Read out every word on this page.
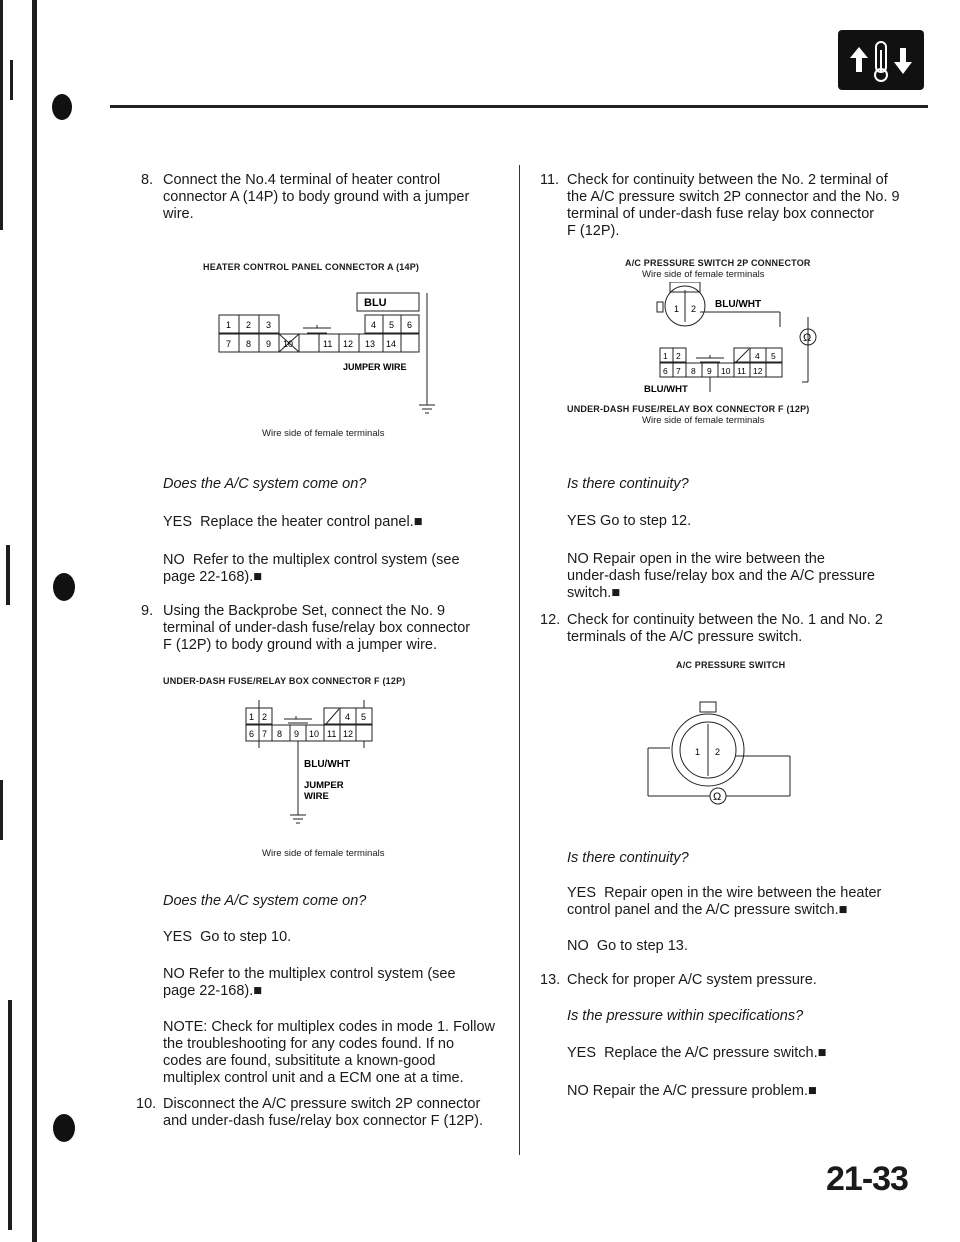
8. Connect the No.4 terminal of heater control
connector A (14P) to body ground with a jumper
wire.
HEATER CONTROL PANEL CONNECTOR A (14P)
BLU
1 2 3	4 5 6
7 8 9 10	11 12 13 14
JUMPER WIRE
Wire side of female terminals
Does the A/C system come on?
YES Replace the heater control panel.■
NO Refer to the multiplex control system (see
page 22-168).■
9. Using the Backprobe Set, connect the No. 9
terminal of under-dash fuse/relay box connector
F (12P) to body ground with a jumper wire.
UNDER-DASH FUSE/RELAY BOX CONNECTOR F (12P)
1 2	4 5
6 7 8 9 10 11 12
BLU/WHT
JUMPER WIRE
Wire side of female terminals
Does the A/C system come on?
YES Go to step 10.
NO Refer to the multiplex control system (see
page 22-168).■
NOTE: Check for multiplex codes in mode 1. Follow
the troubleshooting for any codes found. If no
codes are found, subsititute a known-good
multiplex control unit and a ECM one at a time.
10. Disconnect the A/C pressure switch 2P connector
and under-dash fuse/relay box connector F (12P).
11. Check for continuity between the No. 2 terminal of
the A/C pressure switch 2P connector and the No. 9
terminal of under-dash fuse relay box connector
F (12P).
A/C PRESSURE SWITCH 2P CONNECTOR
Wire side of female terminals
1 2 BLU/WHT
Ω
1 2	4 5
6 7 8 9 10 11 12
BLU/WHT
UNDER-DASH FUSE/RELAY BOX CONNECTOR F (12P)
Wire side of female terminals
Is there continuity?
YES Go to step 12.
NO Repair open in the wire between the
under-dash fuse/relay box and the A/C pressure
switch.■
12. Check for continuity between the No. 1 and No. 2
terminals of the A/C pressure switch.
A/C PRESSURE SWITCH
1 2
Ω
Is there continuity?
YES Repair open in the wire between the heater
control panel and the A/C pressure switch.■
NO Go to step 13.
13. Check for proper A/C system pressure.
Is the pressure within specifications?
YES Replace the A/C pressure switch.■
NO Repair the A/C pressure problem.■
21-33
